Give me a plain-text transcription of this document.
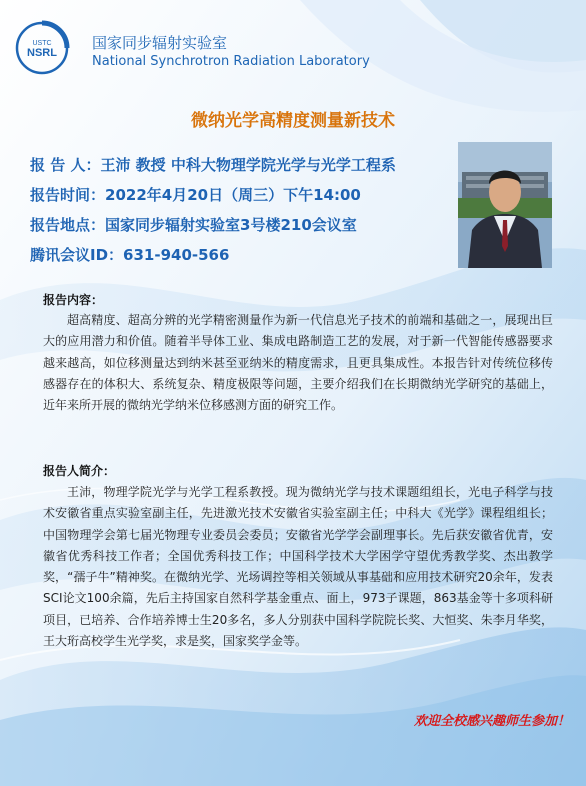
USTC
NSRL
国家同步辐射实验室
National Synchrotron Radiation Laboratory
微纳光学高精度测量新技术
报 告 人：王沛 教授 中科大物理学院光学与光学工程系
报告时间：2022年4月20日（周三）下午14:00
报告地点：国家同步辐射实验室3号楼210会议室
腾讯会议ID：631-940-566
报告内容：

超高精度、超高分辨的光学精密测量作为新一代信息光子技术的前端和基础之一，展现出巨大的应用潜力和价值。随着半导体工业、集成电路制造工艺的发展，对于新一代智能传感器要求越来越高，如位移测量达到纳米甚至亚纳米的精度需求，且更具集成性。本报告针对传统位移传感器存在的体积大、系统复杂、精度极限等问题，主要介绍我们在长期微纳光学研究的基础上，近年来所开展的微纳光学纳米位移感测方面的研究工作。

报告人简介：

王沛，物理学院光学与光学工程系教授。现为微纳光学与技术课题组组长，光电子科学与技术安徽省重点实验室副主任，先进激光技术安徽省实验室副主任；中科大《光学》课程组组长；中国物理学会第七届光物理专业委员会委员；安徽省光学学会副理事长。先后获安徽省优青，安徽省优秀科技工作者；全国优秀科技工作；中国科学技术大学困学守望优秀教学奖、杰出教学奖，“孺子牛”精神奖。在微纳光学、光场调控等相关领域从事基础和应用技术研究20余年，发表SCI论文100余篇，先后主持国家自然科学基金重点、面上，973子课题，863基金等十多项科研项目，已培养、合作培养博士生20多名，多人分别获中国科学院院长奖、大恒奖、朱李月华奖，王大珩高校学生光学奖，求是奖，国家奖学金等。

欢迎全校感兴趣师生参加！
